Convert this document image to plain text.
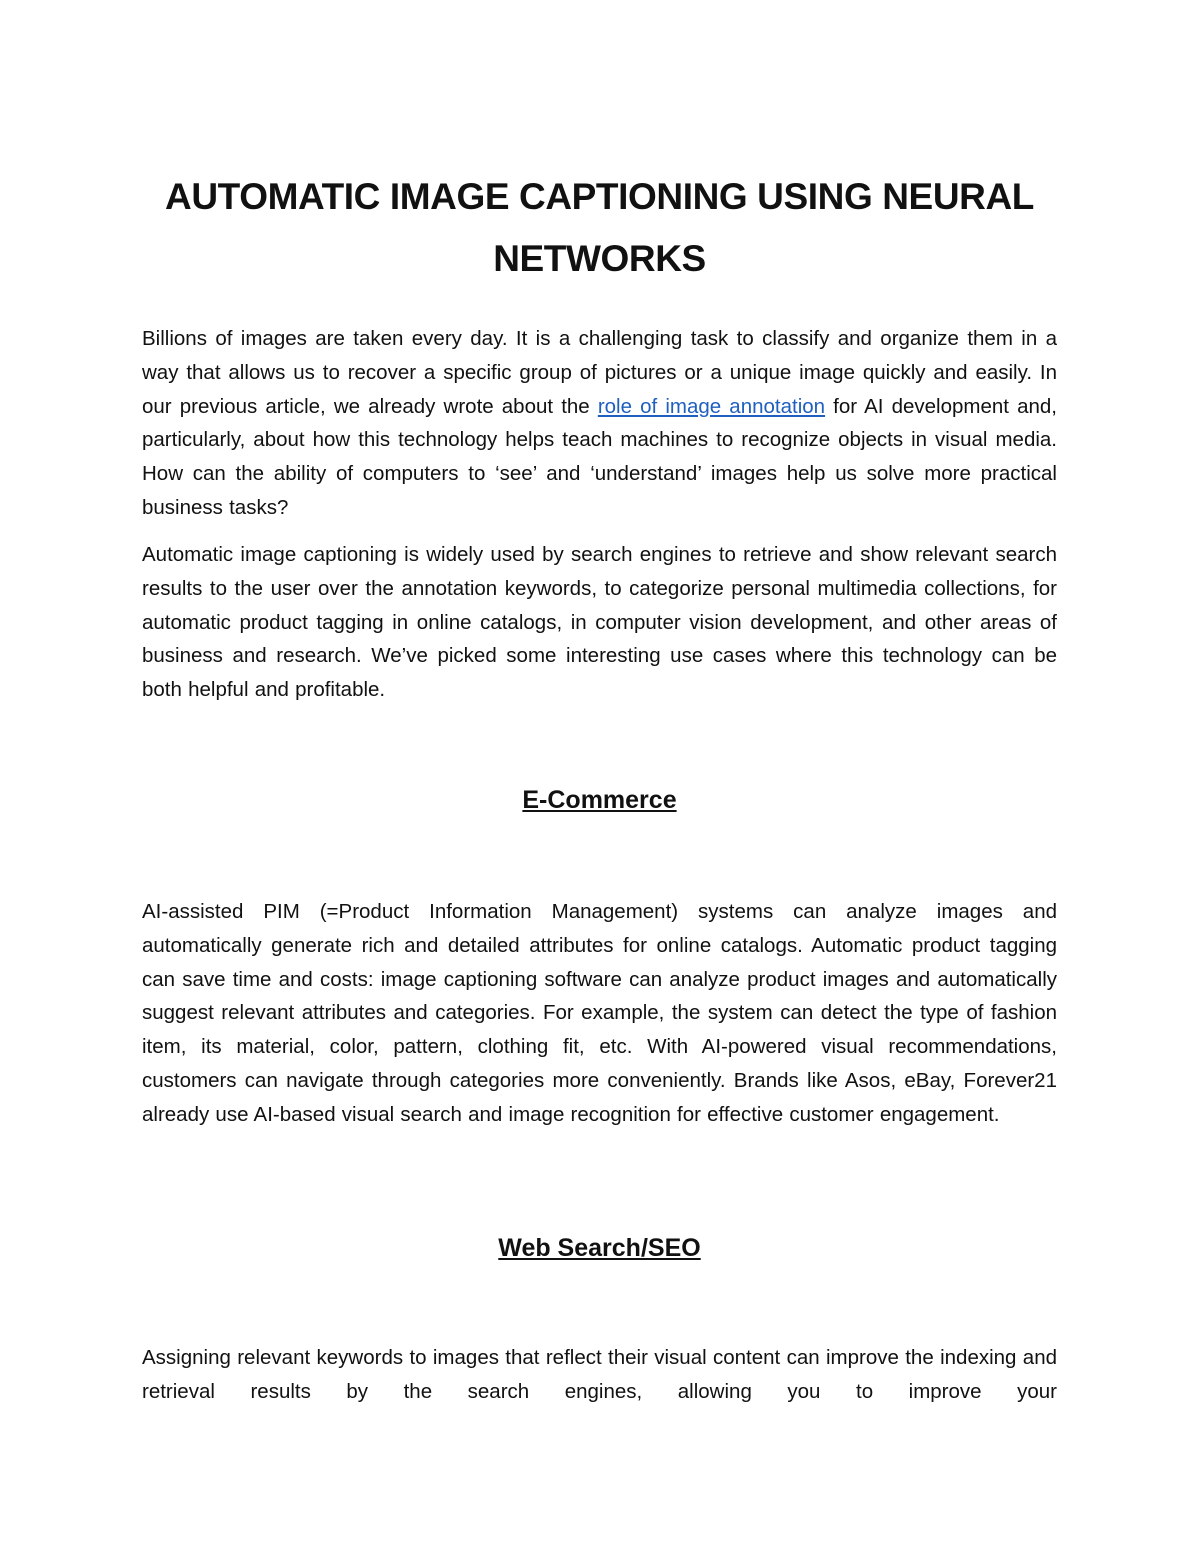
AUTOMATIC IMAGE CAPTIONING USING NEURAL NETWORKS

Billions of images are taken every day. It is a challenging task to classify and organize them in a way that allows us to recover a specific group of pictures or a unique image quickly and easily. In our previous article, we already wrote about the role of image annotation for AI development and, particularly, about how this technology helps teach machines to recognize objects in visual media. How can the ability of computers to ‘see’ and ‘understand’ images help us solve more practical business tasks?

Automatic image captioning is widely used by search engines to retrieve and show relevant search results to the user over the annotation keywords, to categorize personal multimedia collections, for automatic product tagging in online catalogs, in computer vision development, and other areas of business and research. We’ve picked some interesting use cases where this technology can be both helpful and profitable.

E-Commerce

AI-assisted PIM (=Product Information Management) systems can analyze images and automatically generate rich and detailed attributes for online catalogs. Automatic product tagging can save time and costs: image captioning software can analyze product images and automatically suggest relevant attributes and categories. For example, the system can detect the type of fashion item, its material, color, pattern, clothing fit, etc. With AI-powered visual recommendations, customers can navigate through categories more conveniently. Brands like Asos, eBay, Forever21 already use AI-based visual search and image recognition for effective customer engagement.

Web Search/SEO

Assigning relevant keywords to images that reflect their visual content can improve the indexing and retrieval results by the search engines, allowing you to improve your
